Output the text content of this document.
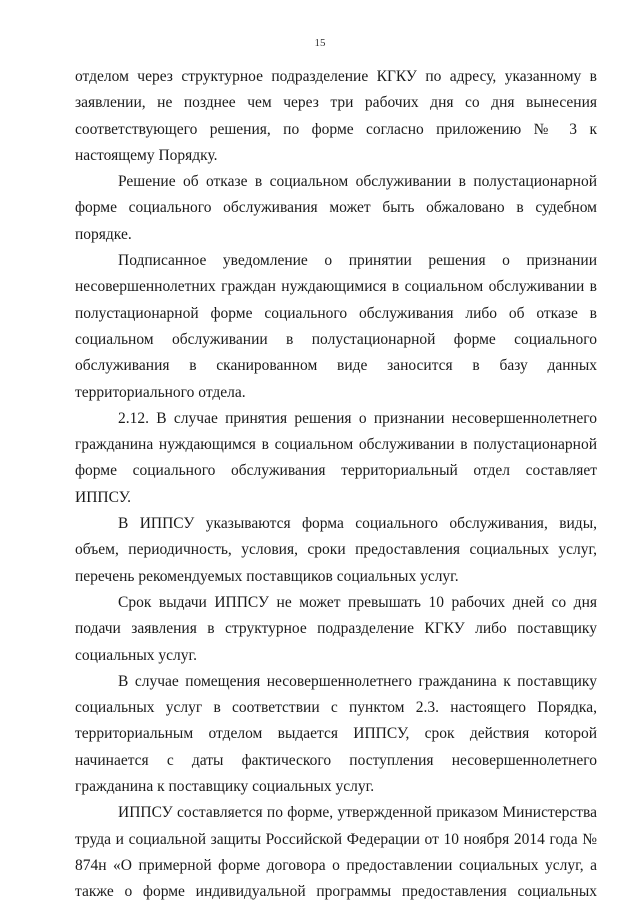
15

отделом через структурное подразделение КГКУ по адресу, указанному в заявлении, не позднее чем через три рабочих дня со дня вынесения соответствующего решения, по форме согласно приложению № 3 к настоящему Порядку.

Решение об отказе в социальном обслуживании в полустационарной форме социального обслуживания может быть обжаловано в судебном порядке.

Подписанное уведомление о принятии решения о признании несовершеннолетних граждан нуждающимися в социальном обслуживании в полустационарной форме социального обслуживания либо об отказе в социальном обслуживании в полустационарной форме социального обслуживания в сканированном виде заносится в базу данных территориального отдела.

2.12. В случае принятия решения о признании несовершеннолетнего гражданина нуждающимся в социальном обслуживании в полустационарной форме социального обслуживания территориальный отдел составляет ИППСУ.

В ИППСУ указываются форма социального обслуживания, виды, объем, периодичность, условия, сроки предоставления социальных услуг, перечень рекомендуемых поставщиков социальных услуг.

Срок выдачи ИППСУ не может превышать 10 рабочих дней со дня подачи заявления в структурное подразделение КГКУ либо поставщику социальных услуг.

В случае помещения несовершеннолетнего гражданина к поставщику социальных услуг в соответствии с пунктом 2.3. настоящего Порядка, территориальным отделом выдается ИППСУ, срок действия которой начинается с даты фактического поступления несовершеннолетнего гражданина к поставщику социальных услуг.

ИППСУ составляется по форме, утвержденной приказом Министерства труда и социальной защиты Российской Федерации от 10 ноября 2014 года № 874н «О примерной форме договора о предоставлении социальных услуг, а также о форме индивидуальной программы предоставления социальных
